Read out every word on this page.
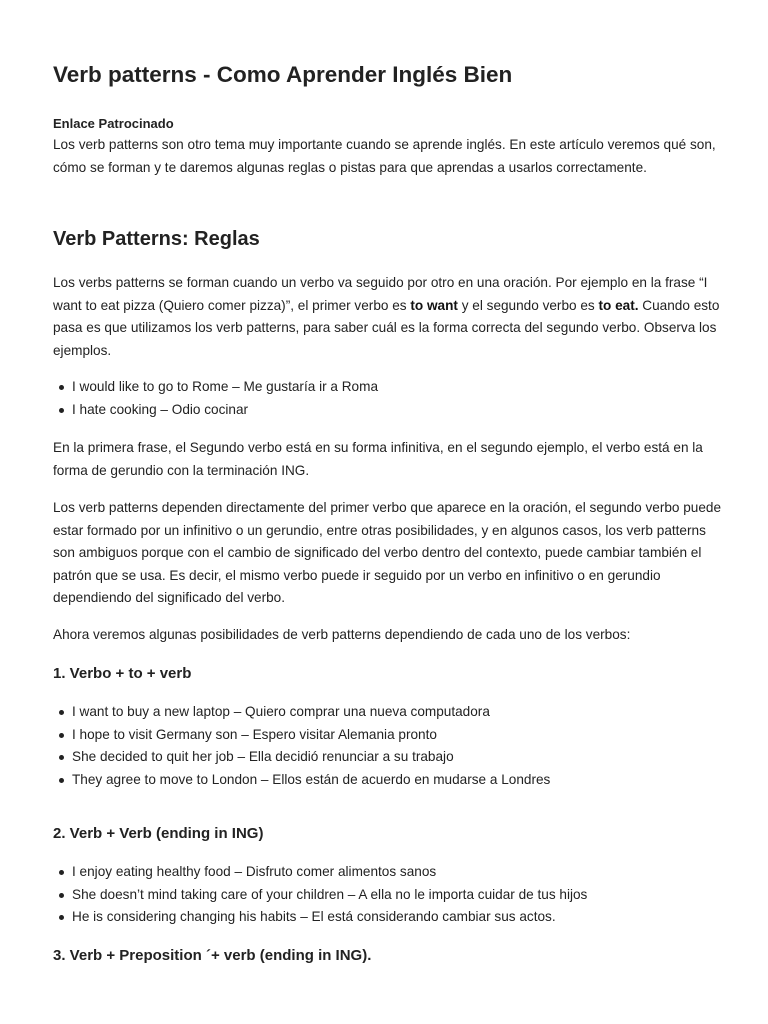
Verb patterns - Como Aprender Inglés Bien
Enlace Patrocinado

Los verb patterns son otro tema muy importante cuando se aprende inglés. En este artículo veremos qué son, cómo se forman y te daremos algunas reglas o pistas para que aprendas a usarlos correctamente.

Verb Patterns: Reglas

Los verbs patterns se forman cuando un verbo va seguido por otro en una oración. Por ejemplo en la frase “I want to eat pizza (Quiero comer pizza)”, el primer verbo es to want y el segundo verbo es to eat. Cuando esto pasa es que utilizamos los verb patterns, para saber cuál es la forma correcta del segundo verbo. Observa los ejemplos.

I would like to go to Rome – Me gustaría ir a Roma
I hate cooking – Odio cocinar

En la primera frase, el Segundo verbo está en su forma infinitiva, en el segundo ejemplo, el verbo está en la forma de gerundio con la terminación ING.

Los verb patterns dependen directamente del primer verbo que aparece en la oración, el segundo verbo puede estar formado por un infinitivo o un gerundio, entre otras posibilidades, y en algunos casos, los verb patterns son ambiguos porque con el cambio de significado del verbo dentro del contexto, puede cambiar también el patrón que se usa. Es decir, el mismo verbo puede ir seguido por un verbo en infinitivo o en gerundio dependiendo del significado del verbo.

Ahora veremos algunas posibilidades de verb patterns dependiendo de cada uno de los verbos:

1. Verbo + to + verb
I want to buy a new laptop – Quiero comprar una nueva computadora
I hope to visit Germany son – Espero visitar Alemania pronto
She decided to quit her job – Ella decidió renunciar a su trabajo
They agree to move to London – Ellos están de acuerdo en mudarse a Londres
2. Verb + Verb (ending in ING)
I enjoy eating healthy food – Disfruto comer alimentos sanos
She doesn’t mind taking care of your children – A ella no le importa cuidar de tus hijos
He is considering changing his habits – El está considerando cambiar sus actos.
3. Verb + Preposition ´+ verb (ending in ING).
